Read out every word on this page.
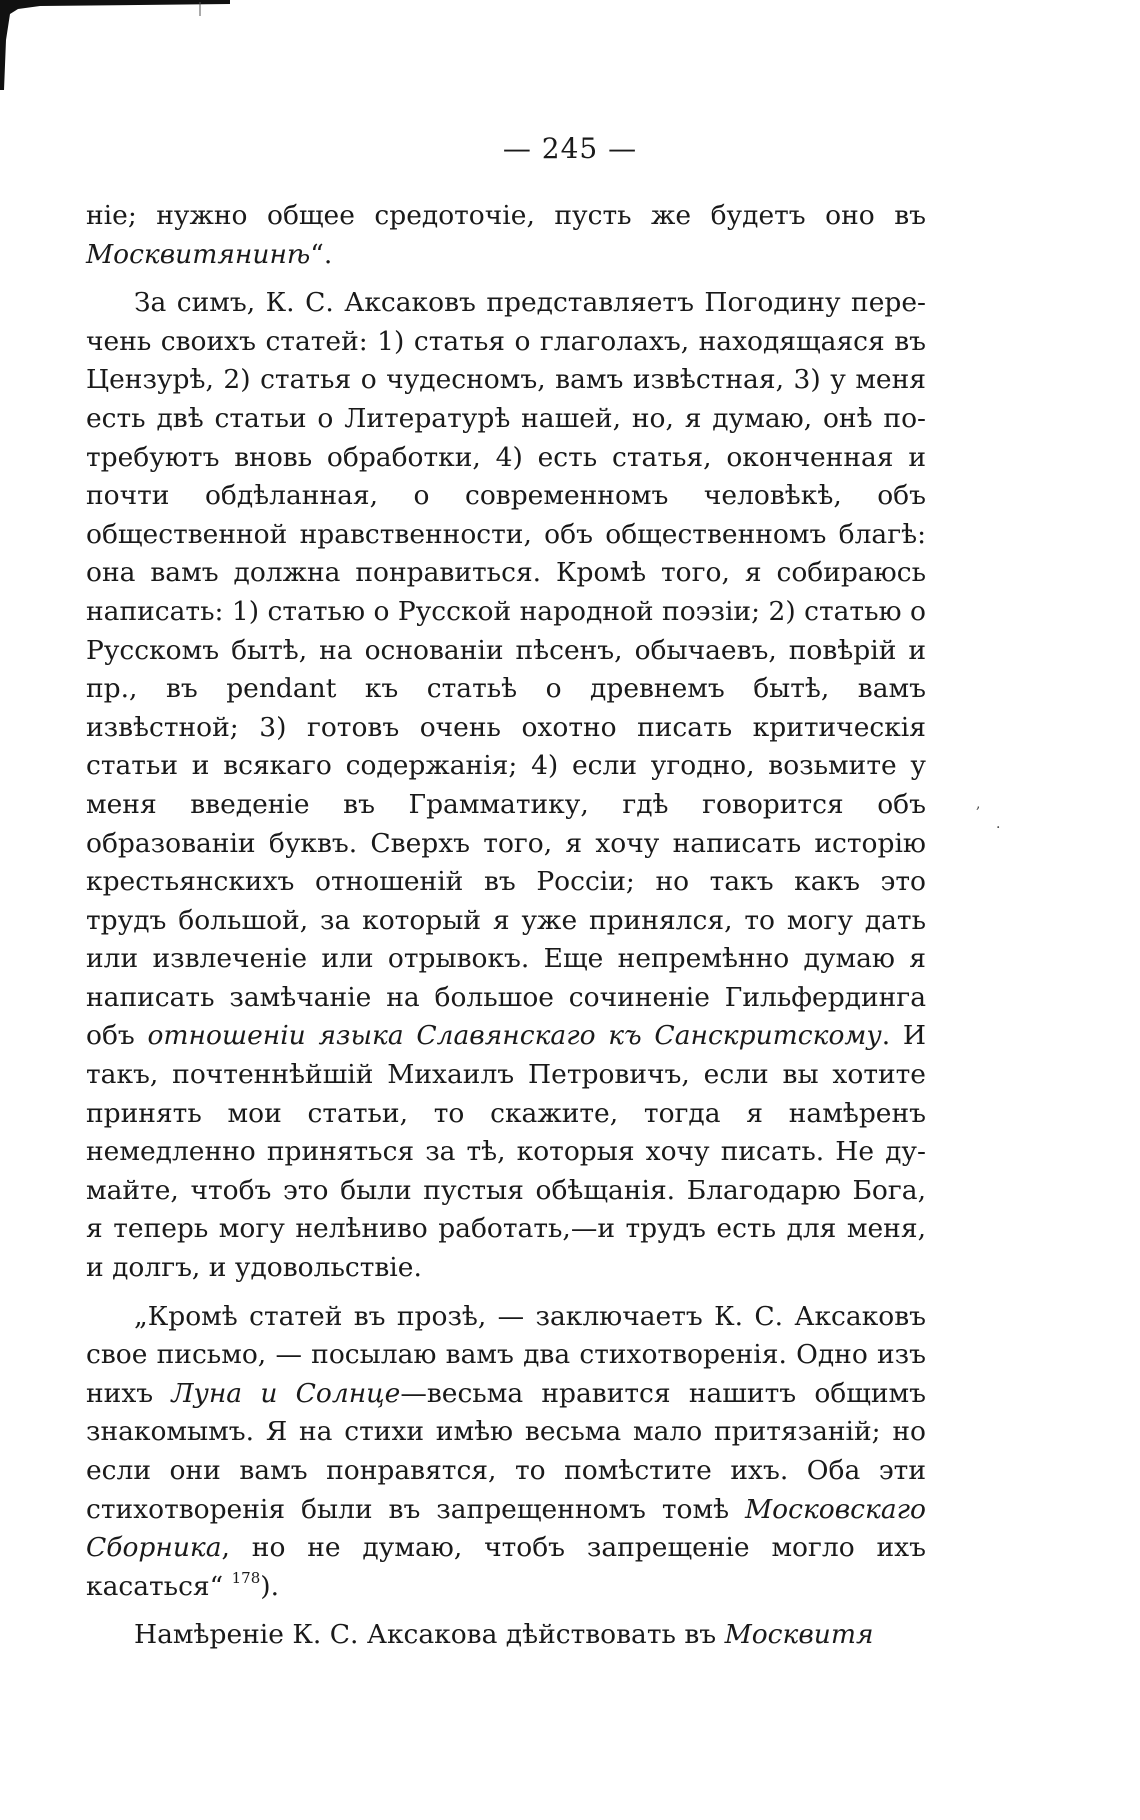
— 245 —

ніе; нужно общее средоточіе, пусть же будетъ оно въ Москвитянинѣ“.

За симъ, К. С. Аксаковъ представляетъ Погодину перечень своихъ статей: 1) статья о глаголахъ, находящаяся въ Цензурѣ, 2) статья о чудесномъ, вамъ извѣстная, 3) у меня есть двѣ статьи о Литературѣ нашей, но, я думаю, онѣ потребуютъ вновь обработки, 4) есть статья, оконченная и почти обдѣланная, о современномъ человѣкѣ, объ общественной нравственности, объ общественномъ благѣ: она вамъ должна понравиться. Кромѣ того, я собираюсь написать: 1) статью о Русской народной поэзіи; 2) статью о Русскомъ бытѣ, на основаніи пѣсенъ, обычаевъ, повѣрій и пр., въ pendant къ статьѣ о древнемъ бытѣ, вамъ извѣстной; 3) готовъ очень охотно писать критическія статьи и всякаго содержанія; 4) если угодно, возьмите у меня введеніе въ Грамматику, гдѣ говорится объ образованіи буквъ. Сверхъ того, я хочу написать исторію крестьянскихъ отношеній въ Россіи; но такъ какъ это трудъ большой, за который я уже принялся, то могу дать или извлеченіе или отрывокъ. Еще непремѣнно думаю я написать замѣчаніе на большое сочиненіе Гильфердинга объ отношеніи языка Славянскаго къ Санскритскому. И такъ, почтеннѣйшій Михаилъ Петровичъ, если вы хотите принять мои статьи, то скажите, тогда я намѣренъ немедленно приняться за тѣ, которыя хочу писать. Не думайте, чтобъ это были пустыя обѣщанія. Благодарю Бога, я теперь могу нелѣниво работать,—и трудъ есть для меня, и долгъ, и удовольствіе.

„Кромѣ статей въ прозѣ, — заключаетъ К. С. Аксаковъ свое письмо, — посылаю вамъ два стихотворенія. Одно изъ нихъ Луна и Солнце—весьма нравится нашитъ общимъ знакомымъ. Я на стихи имѣю весьма мало притязаній; но если они вамъ понравятся, то помѣстите ихъ. Оба эти стихотворенія были въ запрещенномъ томѣ Московскаго Сборника, но не думаю, чтобъ запрещеніе могло ихъ касаться“ $^{178}$).

Намѣреніе К. С. Аксакова дѣйствовать въ Москвитя

,
·
